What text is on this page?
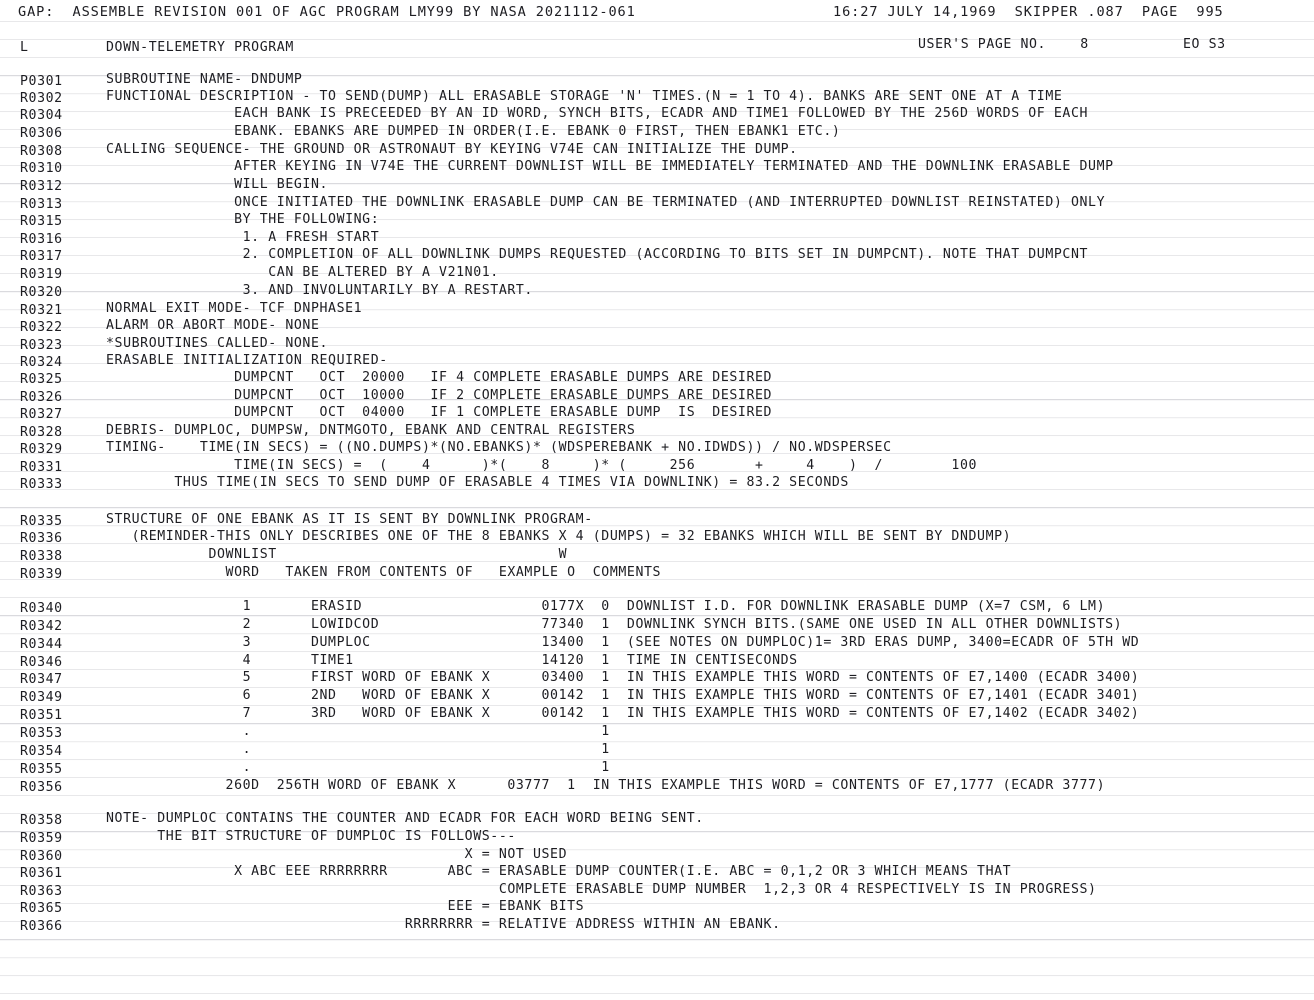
GAP:  ASSEMBLE REVISION 001 OF AGC PROGRAM LMY99 BY NASA 2021112-061	16:27 JULY 14,1969  SKIPPER .087  PAGE  995
L	DOWN-TELEMETRY PROGRAM	USER'S PAGE NO.    8	EO S3
P0301	SUBROUTINE NAME- DNDUMP
R0302	FUNCTIONAL DESCRIPTION - TO SEND(DUMP) ALL ERASABLE STORAGE 'N' TIMES.(N = 1 TO 4). BANKS ARE SENT ONE AT A TIME
R0304	EACH BANK IS PRECEEDED BY AN ID WORD, SYNCH BITS, ECADR AND TIME1 FOLLOWED BY THE 256D WORDS OF EACH
R0306	EBANK. EBANKS ARE DUMPED IN ORDER(I.E. EBANK 0 FIRST, THEN EBANK1 ETC.)
R0308	CALLING SEQUENCE- THE GROUND OR ASTRONAUT BY KEYING V74E CAN INITIALIZE THE DUMP.
R0310	AFTER KEYING IN V74E THE CURRENT DOWNLIST WILL BE IMMEDIATELY TERMINATED AND THE DOWNLINK ERASABLE DUMP
R0312	WILL BEGIN.
R0313	ONCE INITIATED THE DOWNLINK ERASABLE DUMP CAN BE TERMINATED (AND INTERRUPTED DOWNLIST REINSTATED) ONLY
R0315	BY THE FOLLOWING:
R0316	1. A FRESH START
R0317	2. COMPLETION OF ALL DOWNLINK DUMPS REQUESTED (ACCORDING TO BITS SET IN DUMPCNT). NOTE THAT DUMPCNT
R0319	CAN BE ALTERED BY A V21N01.
R0320	3. AND INVOLUNTARILY BY A RESTART.
R0321	NORMAL EXIT MODE- TCF DNPHASE1
R0322	ALARM OR ABORT MODE- NONE
R0323	*SUBROUTINES CALLED- NONE.
R0324	ERASABLE INITIALIZATION REQUIRED-
R0325	DUMPCNT   OCT  20000   IF 4 COMPLETE ERASABLE DUMPS ARE DESIRED
R0326	DUMPCNT   OCT  10000   IF 2 COMPLETE ERASABLE DUMPS ARE DESIRED
R0327	DUMPCNT   OCT  04000   IF 1 COMPLETE ERASABLE DUMP  IS  DESIRED
R0328	DEBRIS- DUMPLOC, DUMPSW, DNTMGOTO, EBANK AND CENTRAL REGISTERS
R0329	TIMING-    TIME(IN SECS) = ((NO.DUMPS)*(NO.EBANKS)* (WDSPEREBANK + NO.IDWDS)) / NO.WDSPERSEC
R0331	TIME(IN SECS) =  (    4      )*(    8     )* (     256       +     4    )  /        100
R0333	THUS TIME(IN SECS TO SEND DUMP OF ERASABLE 4 TIMES VIA DOWNLINK) = 83.2 SECONDS
R0335	STRUCTURE OF ONE EBANK AS IT IS SENT BY DOWNLINK PROGRAM-
R0336	(REMINDER-THIS ONLY DESCRIBES ONE OF THE 8 EBANKS X 4 (DUMPS) = 32 EBANKS WHICH WILL BE SENT BY DNDUMP)
R0338	DOWNLIST                                 W
R0339	WORD   TAKEN FROM CONTENTS OF   EXAMPLE O  COMMENTS
R0340	1       ERASID                     0177X  0  DOWNLIST I.D. FOR DOWNLINK ERASABLE DUMP (X=7 CSM, 6 LM)
R0342	2       LOWIDCOD                   77340  1  DOWNLINK SYNCH BITS.(SAME ONE USED IN ALL OTHER DOWNLISTS)
R0344	3       DUMPLOC                    13400  1  (SEE NOTES ON DUMPLOC)1= 3RD ERAS DUMP, 3400=ECADR OF 5TH WD
R0346	4       TIME1                      14120  1  TIME IN CENTISECONDS
R0347	5       FIRST WORD OF EBANK X      03400  1  IN THIS EXAMPLE THIS WORD = CONTENTS OF E7,1400 (ECADR 3400)
R0349	6       2ND   WORD OF EBANK X      00142  1  IN THIS EXAMPLE THIS WORD = CONTENTS OF E7,1401 (ECADR 3401)
R0351	7       3RD   WORD OF EBANK X      00142  1  IN THIS EXAMPLE THIS WORD = CONTENTS OF E7,1402 (ECADR 3402)
R0353	.                                         1
R0354	.                                         1
R0355	.                                         1
R0356	260D  256TH WORD OF EBANK X      03777  1  IN THIS EXAMPLE THIS WORD = CONTENTS OF E7,1777 (ECADR 3777)
R0358	NOTE- DUMPLOC CONTAINS THE COUNTER AND ECADR FOR EACH WORD BEING SENT.
R0359	THE BIT STRUCTURE OF DUMPLOC IS FOLLOWS---
R0360	X = NOT USED
R0361	X ABC EEE RRRRRRRR       ABC = ERASABLE DUMP COUNTER(I.E. ABC = 0,1,2 OR 3 WHICH MEANS THAT
R0363	COMPLETE ERASABLE DUMP NUMBER  1,2,3 OR 4 RESPECTIVELY IS IN PROGRESS)
R0365	EEE = EBANK BITS
R0366	RRRRRRRR = RELATIVE ADDRESS WITHIN AN EBANK.
